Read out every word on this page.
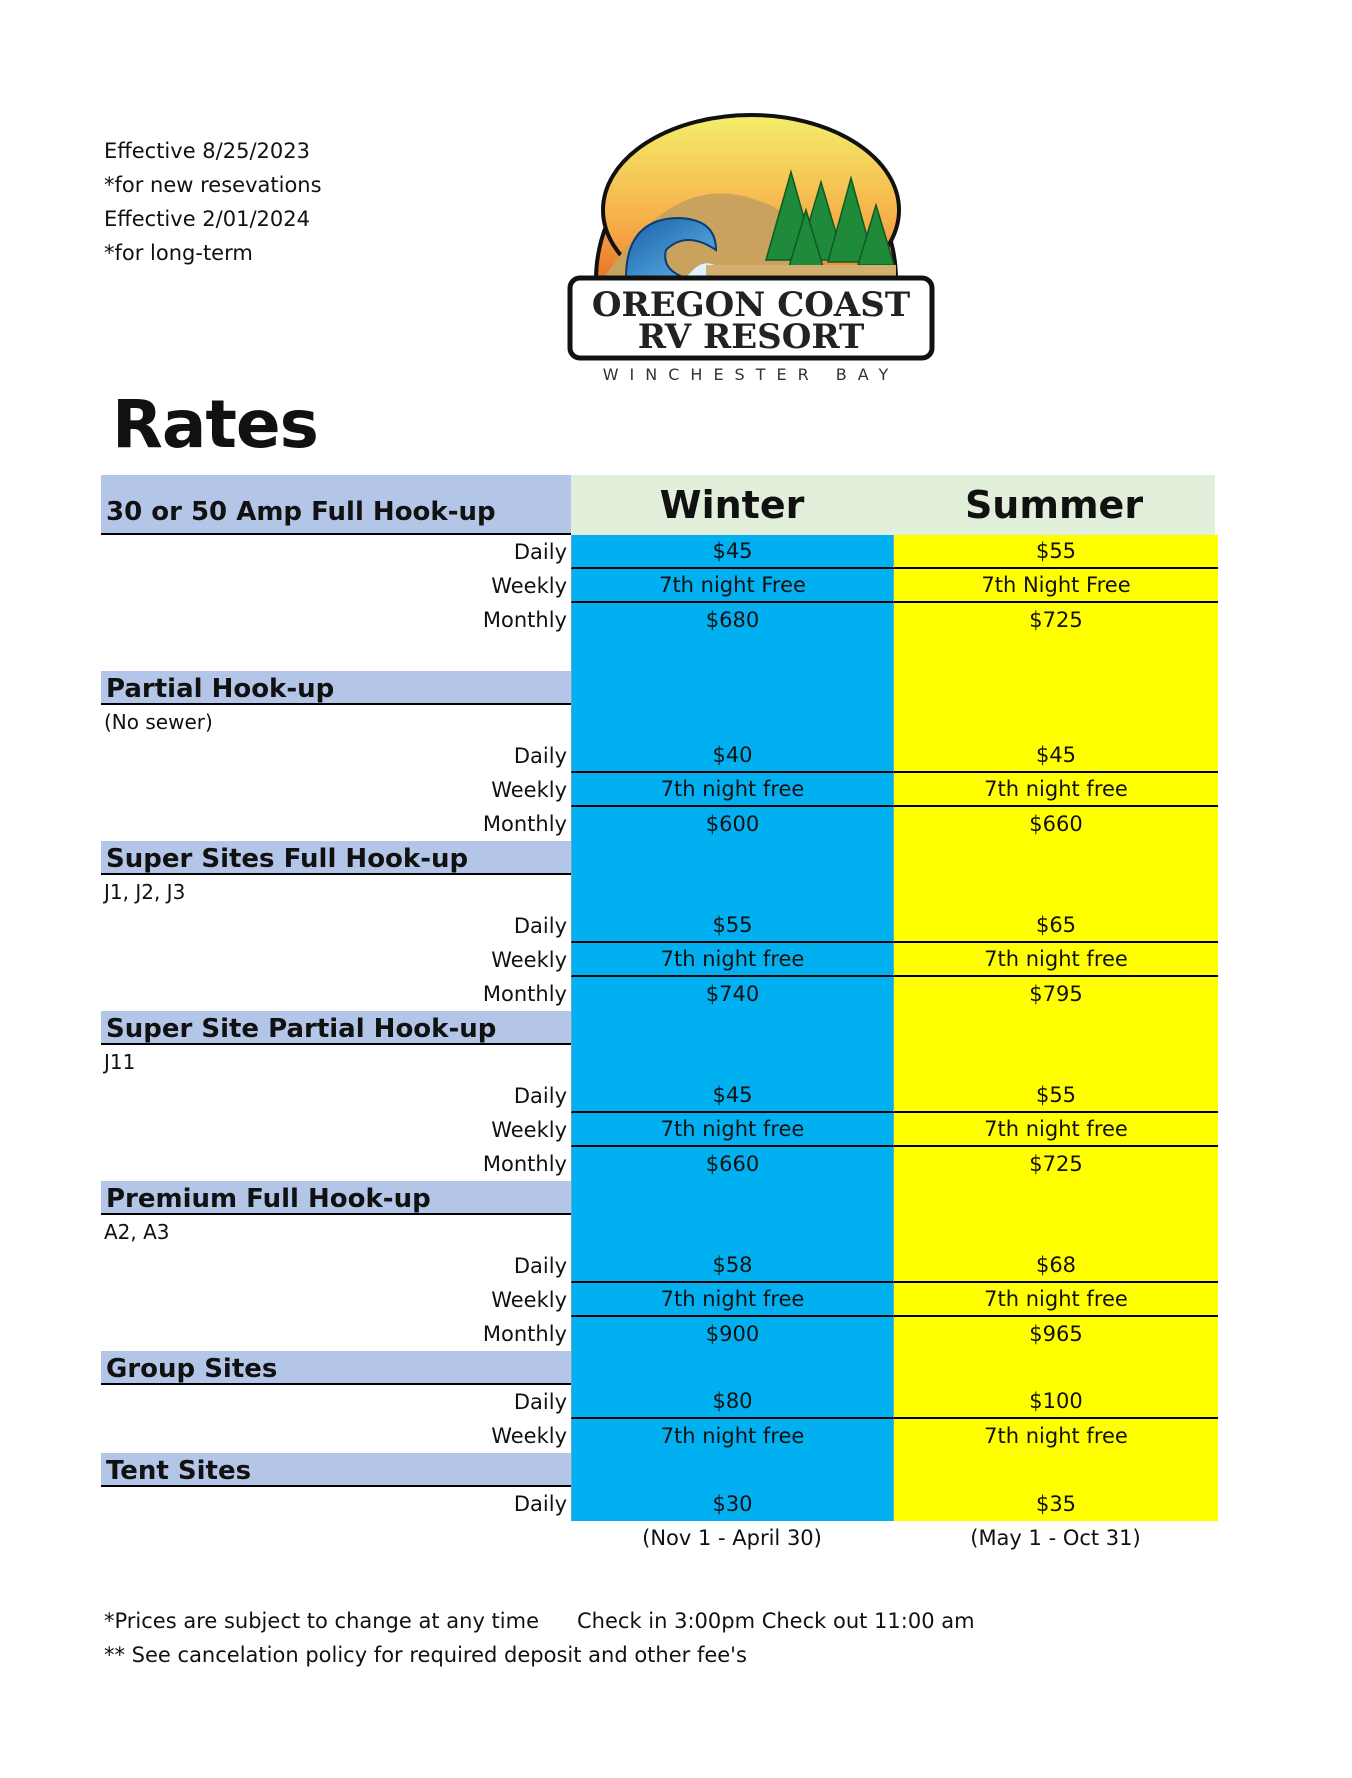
Effective 8/25/2023
*for new resevations
Effective 2/01/2024
*for long-term
OREGON COAST
RV RESORT
WINCHESTER BAY
Rates
30 or 50 Amp Full Hook-up	Winter	Summer
Daily	$45	$55
Weekly	7th night Free	7th Night Free
Monthly	$680	$725
Partial Hook-up
(No sewer)
Daily	$40	$45
Weekly	7th night free	7th night free
Monthly	$600	$660
Super Sites Full Hook-up
J1, J2, J3
Daily	$55	$65
Weekly	7th night free	7th night free
Monthly	$740	$795
Super Site Partial Hook-up
J11
Daily	$45	$55
Weekly	7th night free	7th night free
Monthly	$660	$725
Premium Full Hook-up
A2, A3
Daily	$58	$68
Weekly	7th night free	7th night free
Monthly	$900	$965
Group Sites
Daily	$80	$100
Weekly	7th night free	7th night free
Tent Sites
Daily	$30	$35
(Nov 1 - April 30)	(May 1 - Oct 31)
*Prices are subject to change at any time Check in 3:00pm Check out 11:00 am
** See cancelation policy for required deposit and other fee's
